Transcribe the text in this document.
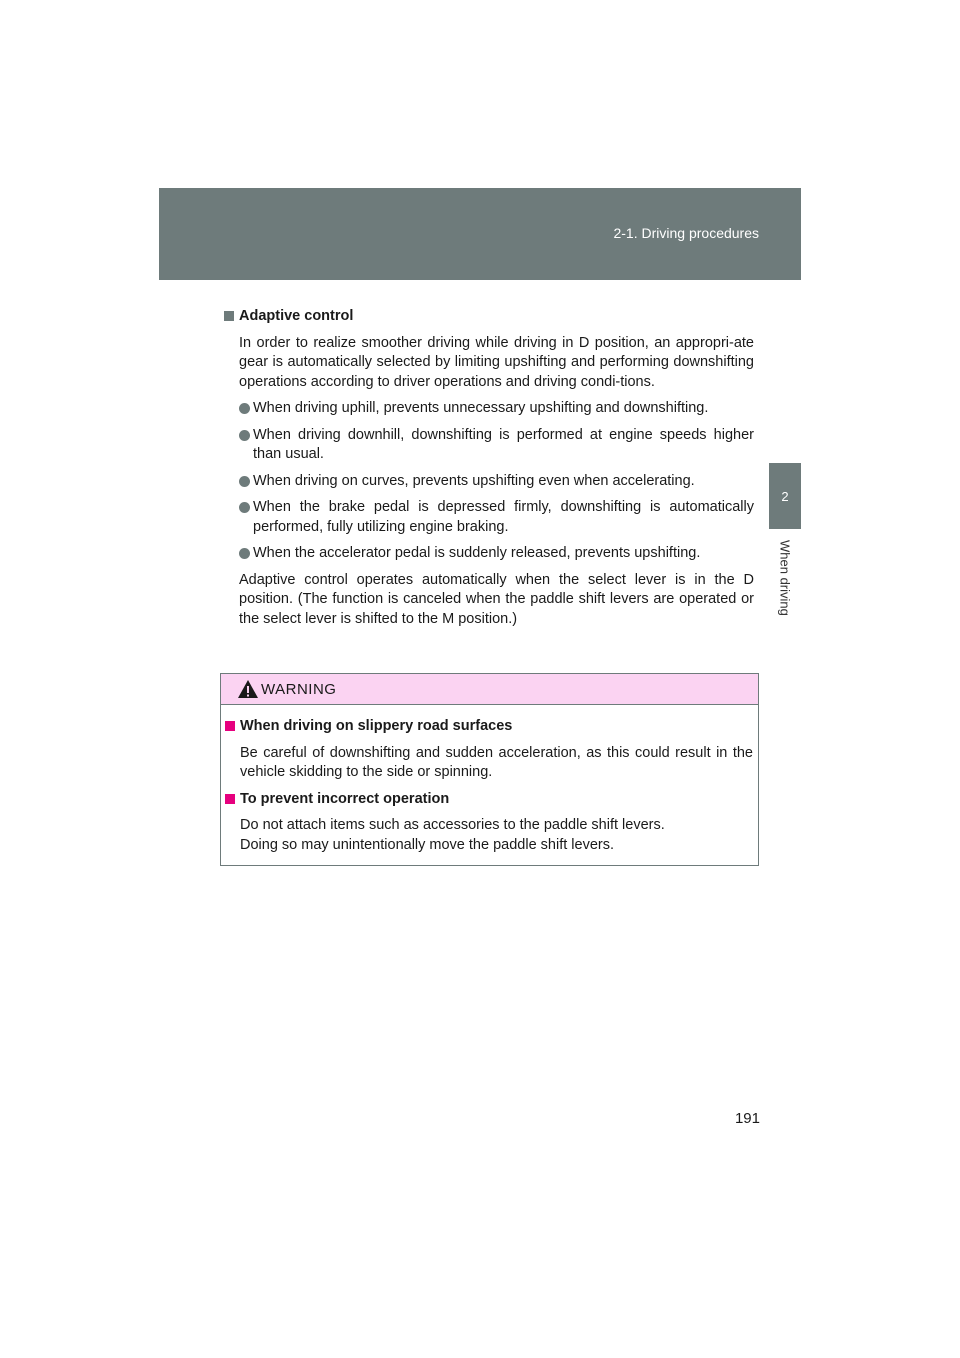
2-1. Driving procedures
2
When driving
Adaptive control
In order to realize smoother driving while driving in D position, an appropri-ate gear is automatically selected by limiting upshifting and performing downshifting operations according to driver operations and driving condi-tions.
When driving uphill, prevents unnecessary upshifting and downshifting.
When driving downhill, downshifting is performed at engine speeds higher than usual.
When driving on curves, prevents upshifting even when accelerating.
When the brake pedal is depressed firmly, downshifting is automatically performed, fully utilizing engine braking.
When the accelerator pedal is suddenly released, prevents upshifting.
Adaptive control operates automatically when the select lever is in the D position. (The function is canceled when the paddle shift levers are operated or the select lever is shifted to the M position.)
WARNING
When driving on slippery road surfaces
Be careful of downshifting and sudden acceleration, as this could result in the vehicle skidding to the side or spinning.
To prevent incorrect operation
Do not attach items such as accessories to the paddle shift levers.
Doing so may unintentionally move the paddle shift levers.
191
